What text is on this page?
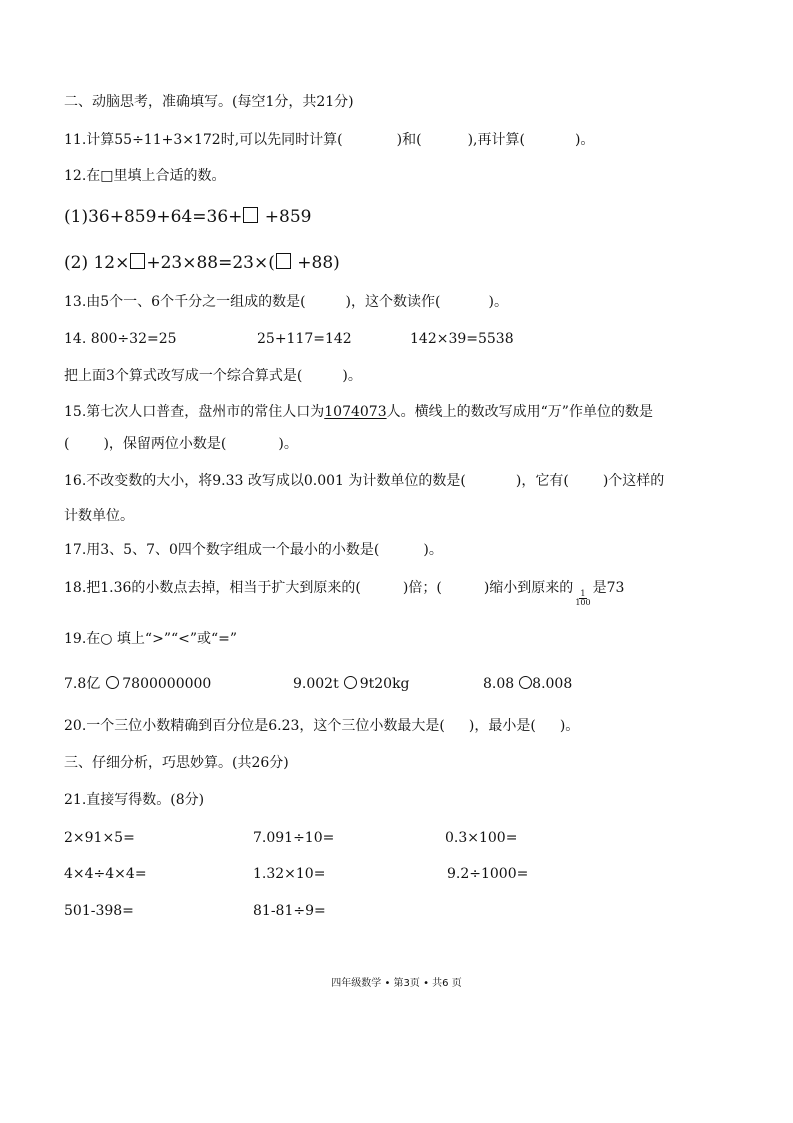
二、动脑思考，准确填写。(每空1分，共21分)
11.计算55÷11+3×172时,可以先同时计算(	)和(	),再计算(	)。
12.在□里填上合适的数。
(1)36+859+64=36+ +859
(2) 12× +23×88=23×( +88)
13.由5个一、6个千分之一组成的数是(	)，这个数读作(	)。
14. 800÷32=25	25+117=142	142×39=5538
把上面3个算式改写成一个综合算式是(	)。
15.第七次人口普查，盘州市的常住人口为1074073人。横线上的数改写成用“万”作单位的数是
( )，保留两位小数是(	)。
16.不改变数的大小，将9.33 改写成以0.001 为计数单位的数是(	)，它有( )个这样的
计数单位。
17.用3、5、7、0四个数字组成一个最小的小数是(	)。
18.把1.36的小数点去掉，相当于扩大到原来的(	)倍；(	)缩小到原来的
$\frac{1}{100}$
是73
19.在○ 填上“>”“<”或“=”
7.8亿 7800000000	9.002t 9t20kg	8.08 8.008
20.一个三位小数精确到百分位是6.23，这个三位小数最大是( )，最小是( )。
三、仔细分析，巧思妙算。(共26分)
21.直接写得数。(8分)
2×91×5=	7.091÷10=	0.3×100=
4×4÷4×4=	1.32×10=	9.2÷1000=
501-398=	81-81÷9=
四年级数学 • 第3页 • 共6 页
